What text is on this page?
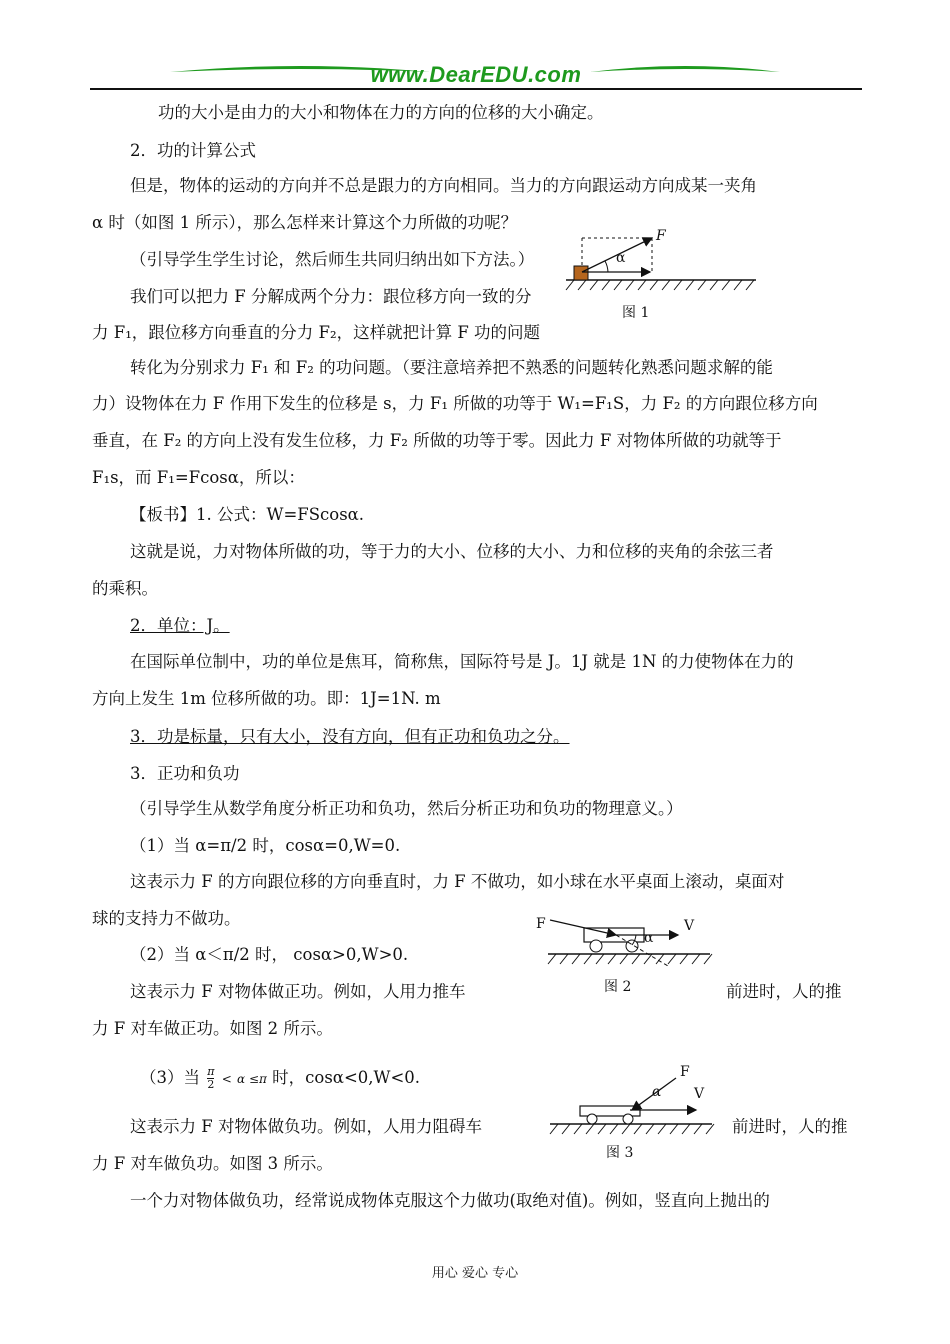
www.DearEDU.com
功的大小是由力的大小和物体在力的方向的位移的大小确定。
2．功的计算公式
但是，物体的运动的方向并不总是跟力的方向相同。当力的方向跟运动方向成某一夹角
α 时（如图 1 所示），那么怎样来计算这个力所做的功呢？
（引导学生学生讨论，然后师生共同归纳出如下方法。）
我们可以把力 F 分解成两个分力：跟位移方向一致的分
力 F₁，跟位移方向垂直的分力 F₂，这样就把计算 F 功的问题
转化为分别求力 F₁ 和 F₂ 的功问题。（要注意培养把不熟悉的问题转化熟悉问题求解的能
力）设物体在力 F 作用下发生的位移是 s，力 F₁ 所做的功等于 W₁=F₁S，力 F₂ 的方向跟位移方向
垂直，在 F₂ 的方向上没有发生位移，力 F₂ 所做的功等于零。因此力 F 对物体所做的功就等于
F₁s，而 F₁=Fcosα，所以：
【板书】1. 公式：W=FScosα.
这就是说，力对物体所做的功，等于力的大小、位移的大小、力和位移的夹角的余弦三者
的乘积。
2．单位：J。
在国际单位制中，功的单位是焦耳，简称焦，国际符号是 J。1J 就是 1N 的力使物体在力的
方向上发生 1m 位移所做的功。即：1J=1N. m
3．功是标量，只有大小，没有方向，但有正功和负功之分。
3．正功和负功
（引导学生从数学角度分析正功和负功，然后分析正功和负功的物理意义。）
（1）当 α=π/2 时，cosα=0,W=0.
这表示力 F 的方向跟位移的方向垂直时，力 F 不做功，如小球在水平桌面上滚动，桌面对
球的支持力不做功。
（2）当 α＜π/2 时， cosα>0,W>0.
这表示力 F 对物体做正功。例如，人用力推车	前进时，人的推
力 F 对车做正功。如图 2 所示。
（3）当 $\frac{\pi}{2} < \alpha \le\pi$ 时，cosα<0,W<0.
这表示力 F 对物体做负功。例如，人用力阻碍车	前进时，人的推
力 F 对车做负功。如图 3 所示。
一个力对物体做负功，经常说成物体克服这个力做功(取绝对值)。例如，竖直向上抛出的
F
α
图 1
F	V
α
图 2
F
V
α
图 3
用心 爱心 专心
